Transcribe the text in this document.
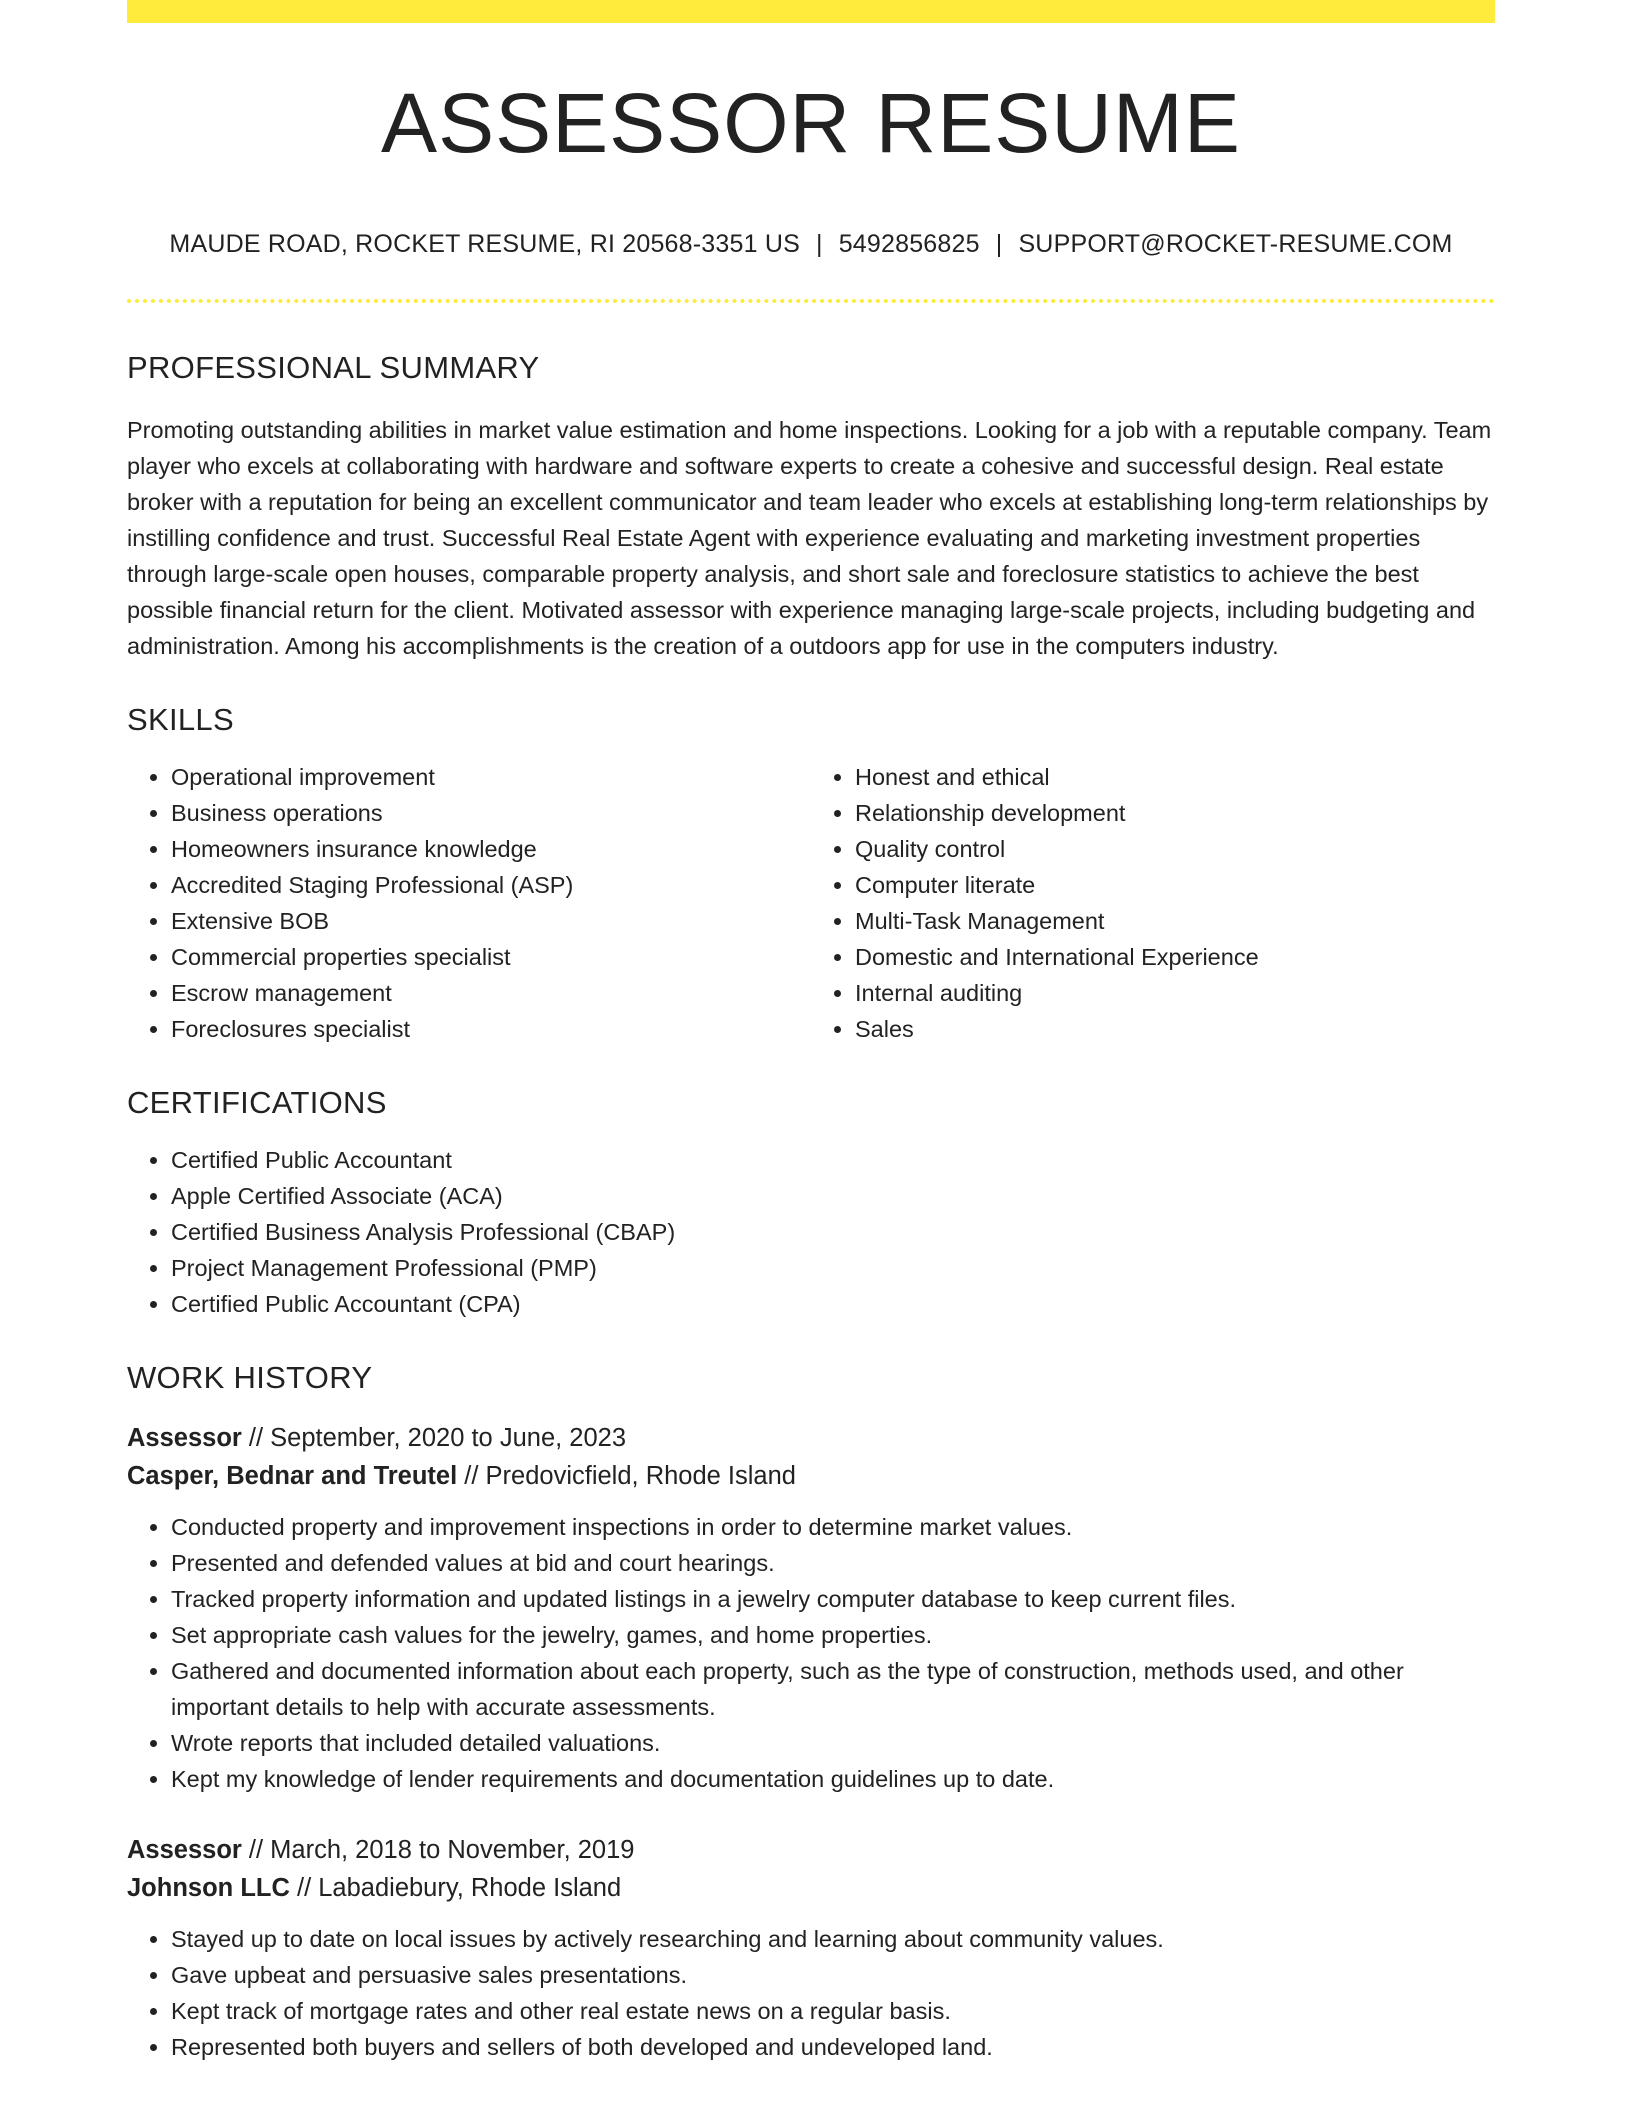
ASSESSOR RESUME
MAUDE ROAD, ROCKET RESUME, RI 20568-3351 US | 5492856825 | SUPPORT@ROCKET-RESUME.COM
PROFESSIONAL SUMMARY

Promoting outstanding abilities in market value estimation and home inspections. Looking for a job with a reputable company. Team player who excels at collaborating with hardware and software experts to create a cohesive and successful design. Real estate broker with a reputation for being an excellent communicator and team leader who excels at establishing long-term relationships by instilling confidence and trust. Successful Real Estate Agent with experience evaluating and marketing investment properties through large-scale open houses, comparable property analysis, and short sale and foreclosure statistics to achieve the best possible financial return for the client. Motivated assessor with experience managing large-scale projects, including budgeting and administration. Among his accomplishments is the creation of a outdoors app for use in the computers industry.

SKILLS
• Operational improvement
• Business operations
• Homeowners insurance knowledge
• Accredited Staging Professional (ASP)
• Extensive BOB
• Commercial properties specialist
• Escrow management
• Foreclosures specialist
• Honest and ethical
• Relationship development
• Quality control
• Computer literate
• Multi-Task Management
• Domestic and International Experience
• Internal auditing
• Sales
CERTIFICATIONS
• Certified Public Accountant
• Apple Certified Associate (ACA)
• Certified Business Analysis Professional (CBAP)
• Project Management Professional (PMP)
• Certified Public Accountant (CPA)
WORK HISTORY
Assessor // September, 2020 to June, 2023
Casper, Bednar and Treutel // Predovicfield, Rhode Island
• Conducted property and improvement inspections in order to determine market values.
• Presented and defended values at bid and court hearings.
• Tracked property information and updated listings in a jewelry computer database to keep current files.
• Set appropriate cash values for the jewelry, games, and home properties.
• Gathered and documented information about each property, such as the type of construction, methods used, and other important details to help with accurate assessments.
• Wrote reports that included detailed valuations.
• Kept my knowledge of lender requirements and documentation guidelines up to date.
Assessor // March, 2018 to November, 2019
Johnson LLC // Labadiebury, Rhode Island
• Stayed up to date on local issues by actively researching and learning about community values.
• Gave upbeat and persuasive sales presentations.
• Kept track of mortgage rates and other real estate news on a regular basis.
• Represented both buyers and sellers of both developed and undeveloped land.
